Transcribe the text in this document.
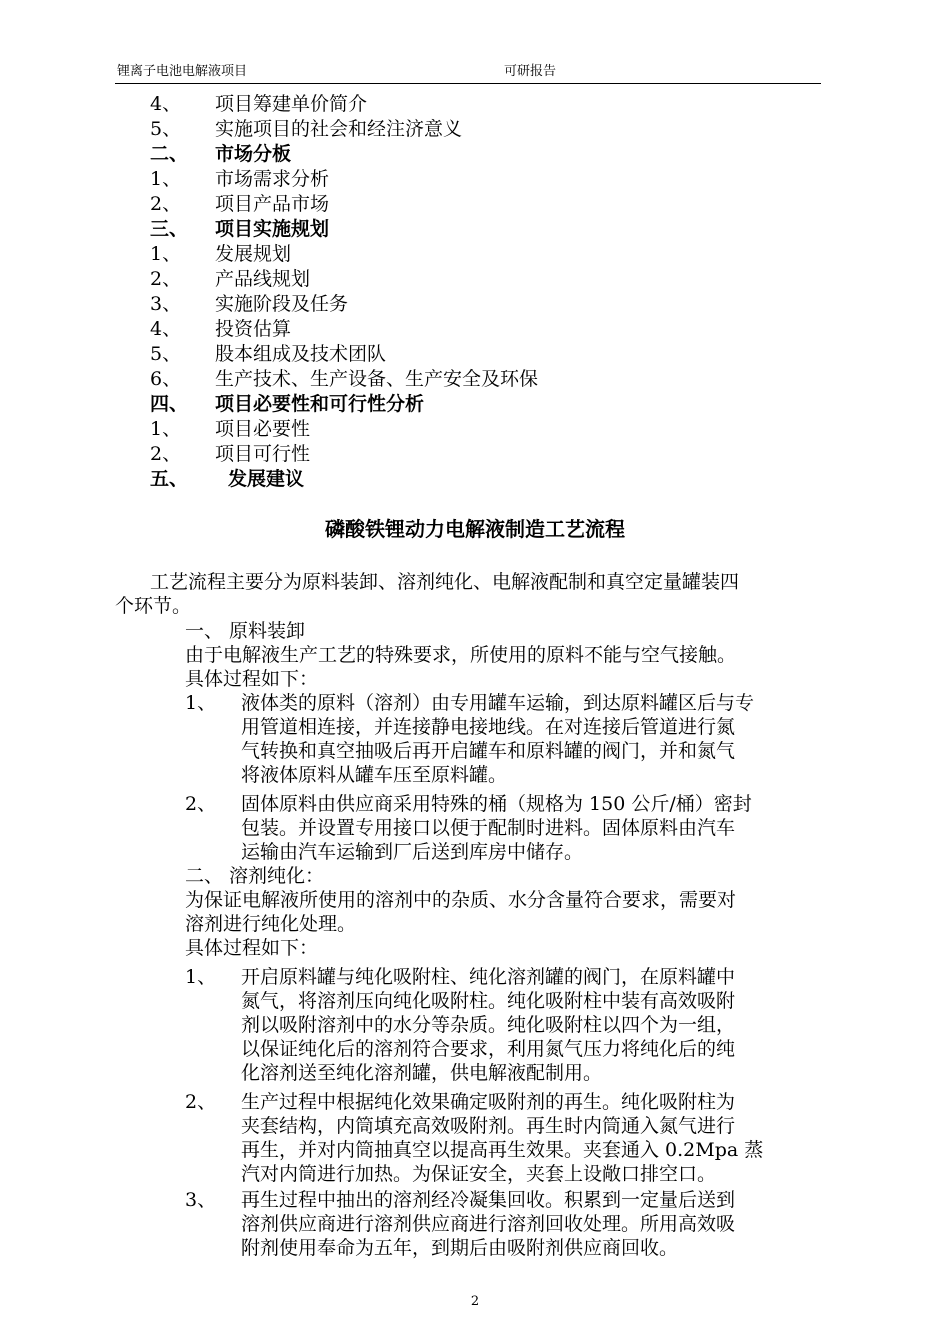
锂离子电池电解液项目	可研报告
4、 项目筹建单价简介
5、 实施项目的社会和经注济意义
二、 市场分板
1、 市场需求分析
2、 项目产品市场
三、 项目实施规划
1、 发展规划
2、 产品线规划
3、 实施阶段及任务
4、 投资估算
5、 股本组成及技术团队
6、 生产技术、生产设备、生产安全及环保
四、 项目必要性和可行性分析
1、 项目必要性
2、 项目可行性
五、 发展建议
磷酸铁锂动力电解液制造工艺流程
工艺流程主要分为原料装卸、溶剂纯化、电解液配制和真空定量罐装四
个环节。
一、 原料装卸
由于电解液生产工艺的特殊要求，所使用的原料不能与空气接触。
具体过程如下：
1、 液体类的原料（溶剂）由专用罐车运输，到达原料罐区后与专
用管道相连接，并连接静电接地线。在对连接后管道进行氮
气转换和真空抽吸后再开启罐车和原料罐的阀门，并和氮气
将液体原料从罐车压至原料罐。
2、 固体原料由供应商采用特殊的桶（规格为 150 公斤/桶）密封
包装。并设置专用接口以便于配制时进料。固体原料由汽车
运输由汽车运输到厂后送到库房中储存。
二、 溶剂纯化：
为保证电解液所使用的溶剂中的杂质、水分含量符合要求，需要对
溶剂进行纯化处理。
具体过程如下：
1、 开启原料罐与纯化吸附柱、纯化溶剂罐的阀门，在原料罐中
氮气，将溶剂压向纯化吸附柱。纯化吸附柱中装有高效吸附
剂以吸附溶剂中的水分等杂质。纯化吸附柱以四个为一组，
以保证纯化后的溶剂符合要求，利用氮气压力将纯化后的纯
化溶剂送至纯化溶剂罐，供电解液配制用。
2、 生产过程中根据纯化效果确定吸附剂的再生。纯化吸附柱为
夹套结构，内筒填充高效吸附剂。再生时内筒通入氮气进行
再生，并对内筒抽真空以提高再生效果。夹套通入 0.2Mpa 蒸
汽对内筒进行加热。为保证安全，夹套上设敞口排空口。
3、 再生过程中抽出的溶剂经冷凝集回收。积累到一定量后送到
溶剂供应商进行溶剂供应商进行溶剂回收处理。所用高效吸
附剂使用奉命为五年，到期后由吸附剂供应商回收。
2
